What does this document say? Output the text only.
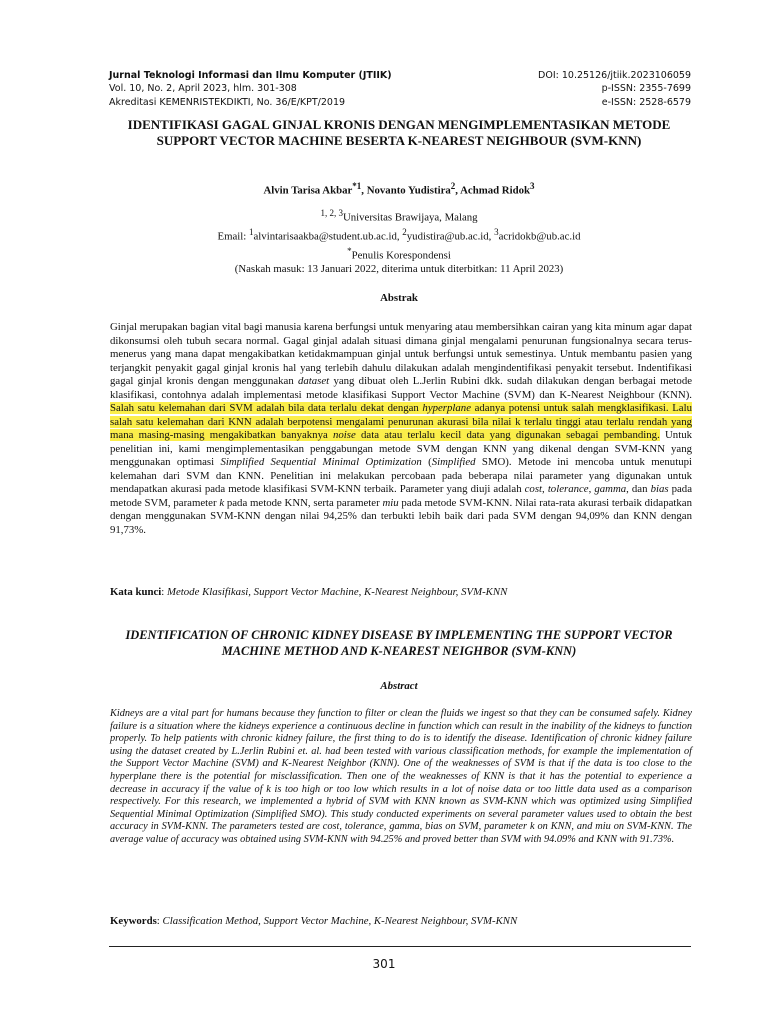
Jurnal Teknologi Informasi dan Ilmu Komputer (JTIIK)	DOI: 10.25126/jtiik.2023106059
Vol. 10, No. 2, April 2023, hlm. 301-308	p-ISSN: 2355-7699
Akreditasi KEMENRISTEKDIKTI, No. 36/E/KPT/2019	e-ISSN: 2528-6579
IDENTIFIKASI GAGAL GINJAL KRONIS DENGAN MENGIMPLEMENTASIKAN METODE SUPPORT VECTOR MACHINE BESERTA K-NEAREST NEIGHBOUR (SVM-KNN)
Alvin Tarisa Akbar$^{*1}$, Novanto Yudistira$^2$, Achmad Ridok$^3$
$^{1, 2, 3}$Universitas Brawijaya, Malang
Email: $^1$alvintarisaakba@student.ub.ac.id, $^2$yudistira@ub.ac.id, $^3$acridokb@ub.ac.id
*Penulis Korespondensi
(Naskah masuk: 13 Januari 2022, diterima untuk diterbitkan: 11 April 2023)
Abstrak
Ginjal merupakan bagian vital bagi manusia karena berfungsi untuk menyaring atau membersihkan cairan yang kita minum agar dapat dikonsumsi oleh tubuh secara normal. Gagal ginjal adalah situasi dimana ginjal mengalami penurunan fungsionalnya secara terus-menerus yang mana dapat mengakibatkan ketidakmampuan ginjal untuk berfungsi untuk semestinya. Untuk membantu pasien yang terjangkit penyakit gagal ginjal kronis hal yang terlebih dahulu dilakukan adalah mengindentifikasi penyakit tersebut. Indentifikasi gagal ginjal kronis dengan menggunakan dataset yang dibuat oleh L.Jerlin Rubini dkk. sudah dilakukan dengan berbagai metode klasifikasi, contohnya adalah implementasi metode klasifikasi Support Vector Machine (SVM) dan K-Nearest Neighbour (KNN). Salah satu kelemahan dari SVM adalah bila data terlalu dekat dengan hyperplane adanya potensi untuk salah mengklasifikasi. Lalu salah satu kelemahan dari KNN adalah berpotensi mengalami penurunan akurasi bila nilai k terlalu tinggi atau terlalu rendah yang mana masing-masing mengakibatkan banyaknya noise data atau terlalu kecil data yang digunakan sebagai pembanding. Untuk penelitian ini, kami mengimplementasikan penggabungan metode SVM dengan KNN yang dikenal dengan SVM-KNN yang menggunakan optimasi Simplified Sequential Minimal Optimization (Simplified SMO). Metode ini mencoba untuk menutupi kelemahan dari SVM dan KNN. Penelitian ini melakukan percobaan pada beberapa nilai parameter yang digunakan untuk mendapatkan akurasi pada metode klasifikasi SVM-KNN terbaik. Parameter yang diuji adalah cost, tolerance, gamma, dan bias pada metode SVM, parameter k pada metode KNN, serta parameter miu pada metode SVM-KNN. Nilai rata-rata akurasi terbaik didapatkan dengan menggunakan SVM-KNN dengan nilai 94,25% dan terbukti lebih baik dari pada SVM dengan 94,09% dan KNN dengan 91,73%.
Kata kunci: Metode Klasifikasi, Support Vector Machine, K-Nearest Neighbour, SVM-KNN
IDENTIFICATION OF CHRONIC KIDNEY DISEASE BY IMPLEMENTING THE SUPPORT VECTOR MACHINE METHOD AND K-NEAREST NEIGHBOR (SVM-KNN)
Abstract
Kidneys are a vital part for humans because they function to filter or clean the fluids we ingest so that they can be consumed safely. Kidney failure is a situation where the kidneys experience a continuous decline in function which can result in the inability of the kidneys to function properly. To help patients with chronic kidney failure, the first thing to do is to identify the disease. Identification of chronic kidney failure using the dataset created by L.Jerlin Rubini et. al. had been tested with various classification methods, for example the implementation of the Support Vector Machine (SVM) and K-Nearest Neighbor (KNN). One of the weaknesses of SVM is that if the data is too close to the hyperplane there is the potential for misclassification. Then one of the weaknesses of KNN is that it has the potential to experience a decrease in accuracy if the value of k is too high or too low which results in a lot of noise data or too little data used as a comparison respectively. For this research, we implemented a hybrid of SVM with KNN known as SVM-KNN which was optimized using Simplified Sequential Minimal Optimization (Simplified SMO). This study conducted experiments on several parameter values used to obtain the best accuracy in SVM-KNN. The parameters tested are cost, tolerance, gamma, bias on SVM, parameter k on KNN, and miu on SVM-KNN. The average value of accuracy was obtained using SVM-KNN with 94.25% and proved better than SVM with 94.09% and KNN with 91.73%.
Keywords: Classification Method, Support Vector Machine, K-Nearest Neighbour, SVM-KNN
301
